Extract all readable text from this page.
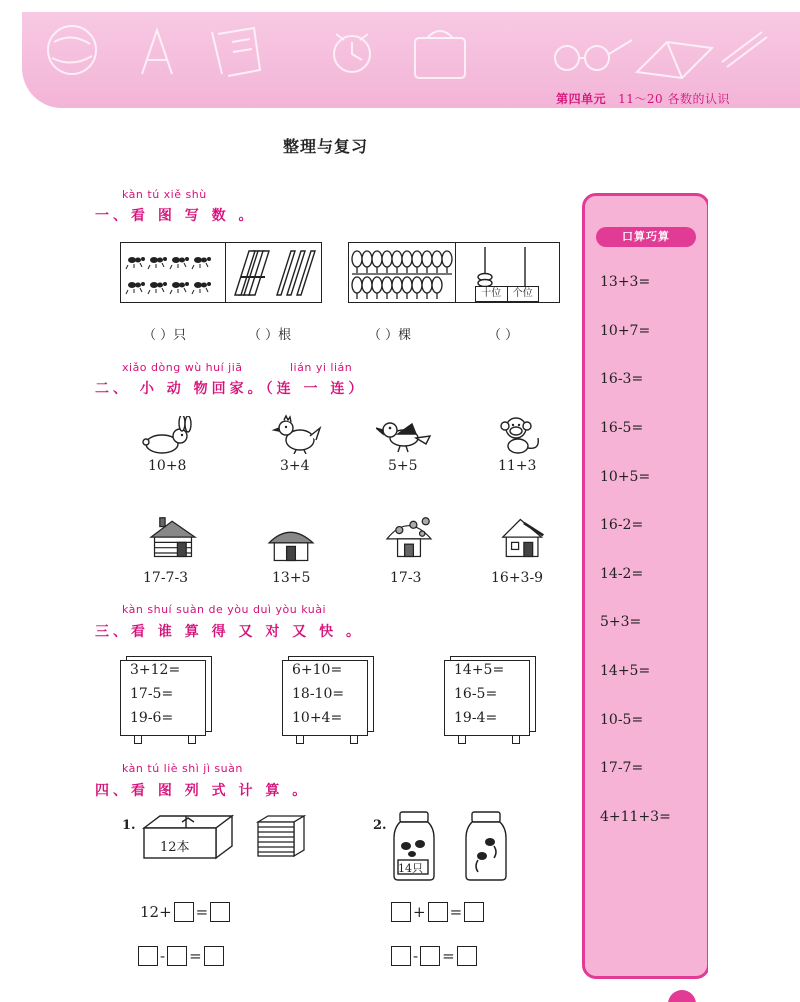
第四单元 11～20 各数的认识
整理与复习
kàn tú xiě shù
一、看 图 写 数 。
十位	个位
（ ）只	（ ）根	（ ）棵	（ ）
xiǎo dòng wù huí jiā	lián yi lián
二、 小 动 物回家。（连 一 连）
10+8	3+4	5+5	11+3
17-7-3	13+5	17-3	16+3-9
kàn shuí suàn de yòu duì yòu kuài
三、看 谁 算 得 又 对 又 快 。
3+12=
17-5=
19-6=
6+10=
18-10=
10+4=
14+5=
16-5=
19-4=
kàn tú liè shì jì suàn
四、看 图 列 式 计 算 。
1.
12本
2.
14只
12+ =
- =
+ =
- =
口算巧算
13+3=
10+7=
16-3=
16-5=
10+5=
16-2=
14-2=
5+3=
14+5=
10-5=
17-7=
4+11+3=
